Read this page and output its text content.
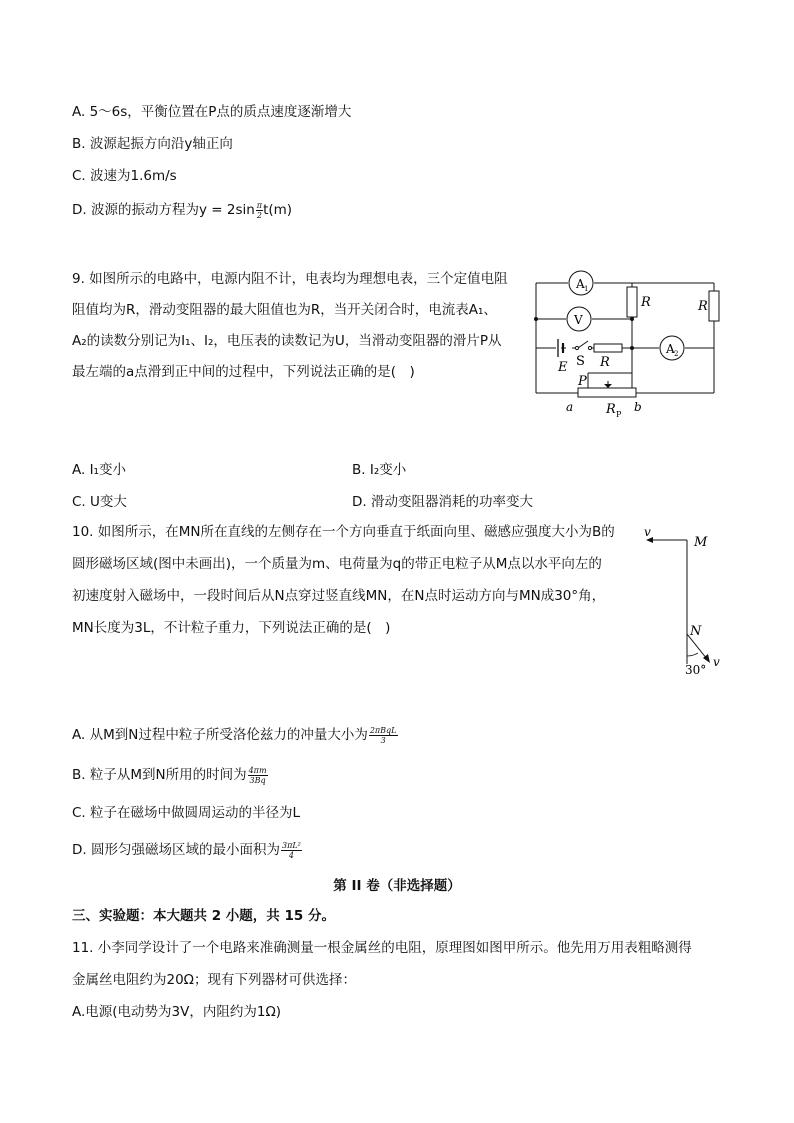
A. 5～6s，平衡位置在P点的质点速度逐渐增大
B. 波源起振方向沿y轴正向
C. 波速为1.6m/s
D. 波源的振动方程为$y = 2\sin \frac{\pi}{2} t(m)$
9. 如图所示的电路中，电源内阻不计，电表均为理想电表，三个定值电阻
阻值均为R，滑动变阻器的最大阻值也为R，当开关闭合时，电流表A₁、
A₂的读数分别记为I₁、I₂，电压表的读数记为U，当滑动变阻器的滑片P从
最左端的a点滑到正中间的过程中，下列说法正确的是(　)
A 1
V
A 2
R	R
R
E S
P
a	R P
b
A. I₁变小	B. I₂变小
C. U变大	D. 滑动变阻器消耗的功率变大
10. 如图所示，在MN所在直线的左侧存在一个方向垂直于纸面向里、磁感应强度大小为B的
圆形磁场区域(图中未画出)，一个质量为m、电荷量为q的带正电粒子从M点以水平向左的
初速度射入磁场中，一段时间后从N点穿过竖直线MN，在N点时运动方向与MN成30°角，
MN长度为3L，不计粒子重力，下列说法正确的是(　)
v
M
N
30°
v
A. 从M到N过程中粒子所受洛伦兹力的冲量大小为 $\frac{\text{2πBqL}}{3}$
B. 粒子从M到N所用的时间为 $\frac{4\pi m}{3Bq}$
C. 粒子在磁场中做圆周运动的半径为L
D. 圆形匀强磁场区域的最小面积为 $\frac{\text{3πL²}}{4}$
第 II 卷（非选择题）
三、实验题：本大题共 2 小题，共 15 分。
11. 小李同学设计了一个电路来准确测量一根金属丝的电阻，原理图如图甲所示。他先用万用表粗略测得
金属丝电阻约为20Ω；现有下列器材可供选择：
A.电源(电动势为3V，内阻约为1Ω)
